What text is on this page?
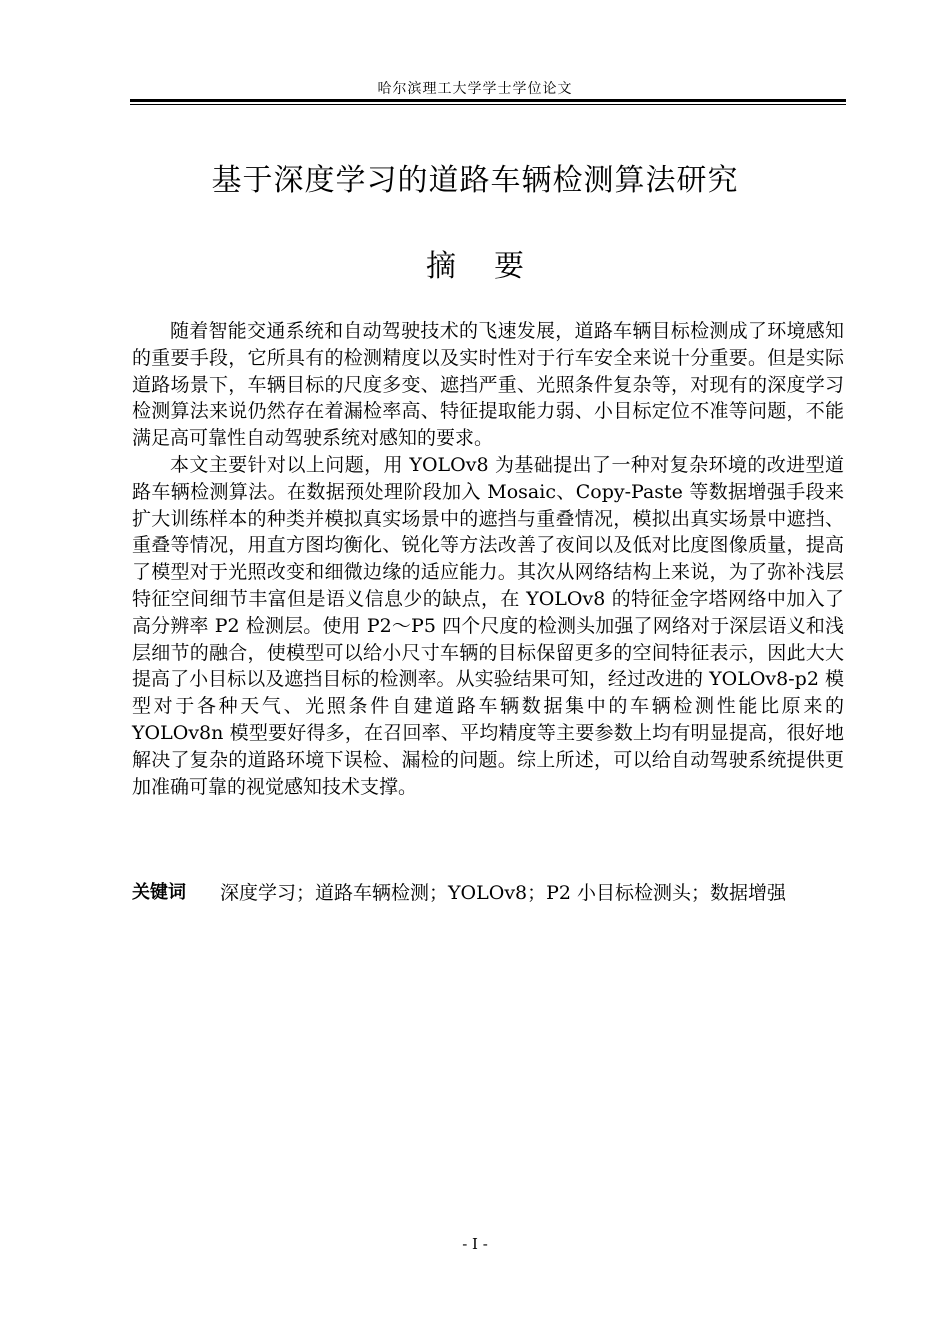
哈尔滨理工大学学士学位论文
基于深度学习的道路车辆检测算法研究
摘 要

随着智能交通系统和自动驾驶技术的飞速发展，道路车辆目标检测成了环境感知的重要手段，它所具有的检测精度以及实时性对于行车安全来说十分重要。但是实际道路场景下，车辆目标的尺度多变、遮挡严重、光照条件复杂等，对现有的深度学习检测算法来说仍然存在着漏检率高、特征提取能力弱、小目标定位不准等问题，不能满足高可靠性自动驾驶系统对感知的要求。

本文主要针对以上问题，用 YOLOv8 为基础提出了一种对复杂环境的改进型道路车辆检测算法。在数据预处理阶段加入 Mosaic、Copy-Paste 等数据增强手段来扩大训练样本的种类并模拟真实场景中的遮挡与重叠情况，模拟出真实场景中遮挡、重叠等情况，用直方图均衡化、锐化等方法改善了夜间以及低对比度图像质量，提高了模型对于光照改变和细微边缘的适应能力。其次从网络结构上来说，为了弥补浅层特征空间细节丰富但是语义信息少的缺点，在 YOLOv8 的特征金字塔网络中加入了高分辨率 P2 检测层。使用 P2～P5 四个尺度的检测头加强了网络对于深层语义和浅层细节的融合，使模型可以给小尺寸车辆的目标保留更多的空间特征表示，因此大大提高了小目标以及遮挡目标的检测率。从实验结果可知，经过改进的 YOLOv8-p2 模型对于各种天气、光照条件自建道路车辆数据集中的车辆检测性能比原来的 YOLOv8n 模型要好得多，在召回率、平均精度等主要参数上均有明显提高，很好地解决了复杂的道路环境下误检、漏检的问题。综上所述，可以给自动驾驶系统提供更加准确可靠的视觉感知技术支撑。

关键词	深度学习；道路车辆检测；YOLOv8；P2 小目标检测头；数据增强
- I -
